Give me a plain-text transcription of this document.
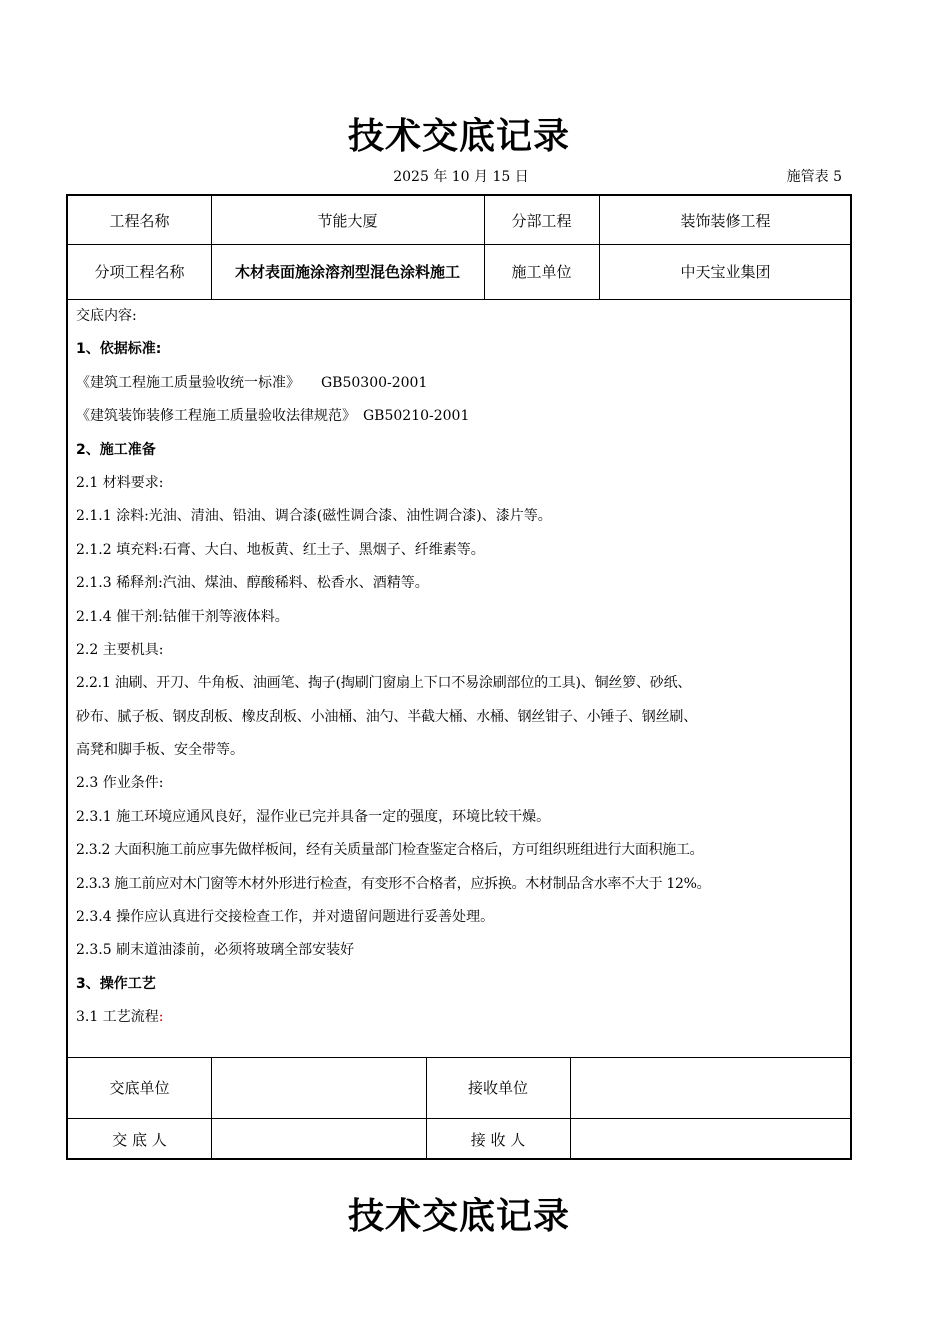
技术交底记录
2025 年 10 月 15 日	施管表 5
工程名称	节能大厦	分部工程	装饰装修工程
分项工程名称	木材表面施涂溶剂型混色涂料施工	施工单位	中天宝业集团
交底内容:
1、依据标准:
《建筑工程施工质量验收统一标准》　　GB50300-2001
《建筑装饰装修工程施工质量验收法律规范》　GB50210-2001
2、施工准备
2.1 材料要求:
2.1.1 涂料:光油、清油、铅油、调合漆(磁性调合漆、油性调合漆)、漆片等。
2.1.2 填充料:石膏、大白、地板黄、红土子、黑烟子、纤维素等。
2.1.3 稀释剂:汽油、煤油、醇酸稀料、松香水、酒精等。
2.1.4 催干剂:钴催干剂等液体料。
2.2 主要机具:
2.2.1 油刷、开刀、牛角板、油画笔、掏子(掏刷门窗扇上下口不易涂刷部位的工具)、铜丝箩、砂纸、
砂布、腻子板、钢皮刮板、橡皮刮板、小油桶、油勺、半截大桶、水桶、钢丝钳子、小锤子、钢丝刷、
高凳和脚手板、安全带等。
2.3 作业条件:
2.3.1 施工环境应通风良好，湿作业已完并具备一定的强度，环境比较干燥。
2.3.2 大面积施工前应事先做样板间，经有关质量部门检查鉴定合格后，方可组织班组进行大面积施工。
2.3.3 施工前应对木门窗等木材外形进行检查，有变形不合格者，应拆换。木材制品含水率不大于 12%。
2.3.4 操作应认真进行交接检查工作，并对遗留问题进行妥善处理。
2.3.5 刷末道油漆前，必须将玻璃全部安装好
3、操作工艺
3.1 工艺流程:
交底单位	接收单位
交 底 人	接 收 人
技术交底记录
